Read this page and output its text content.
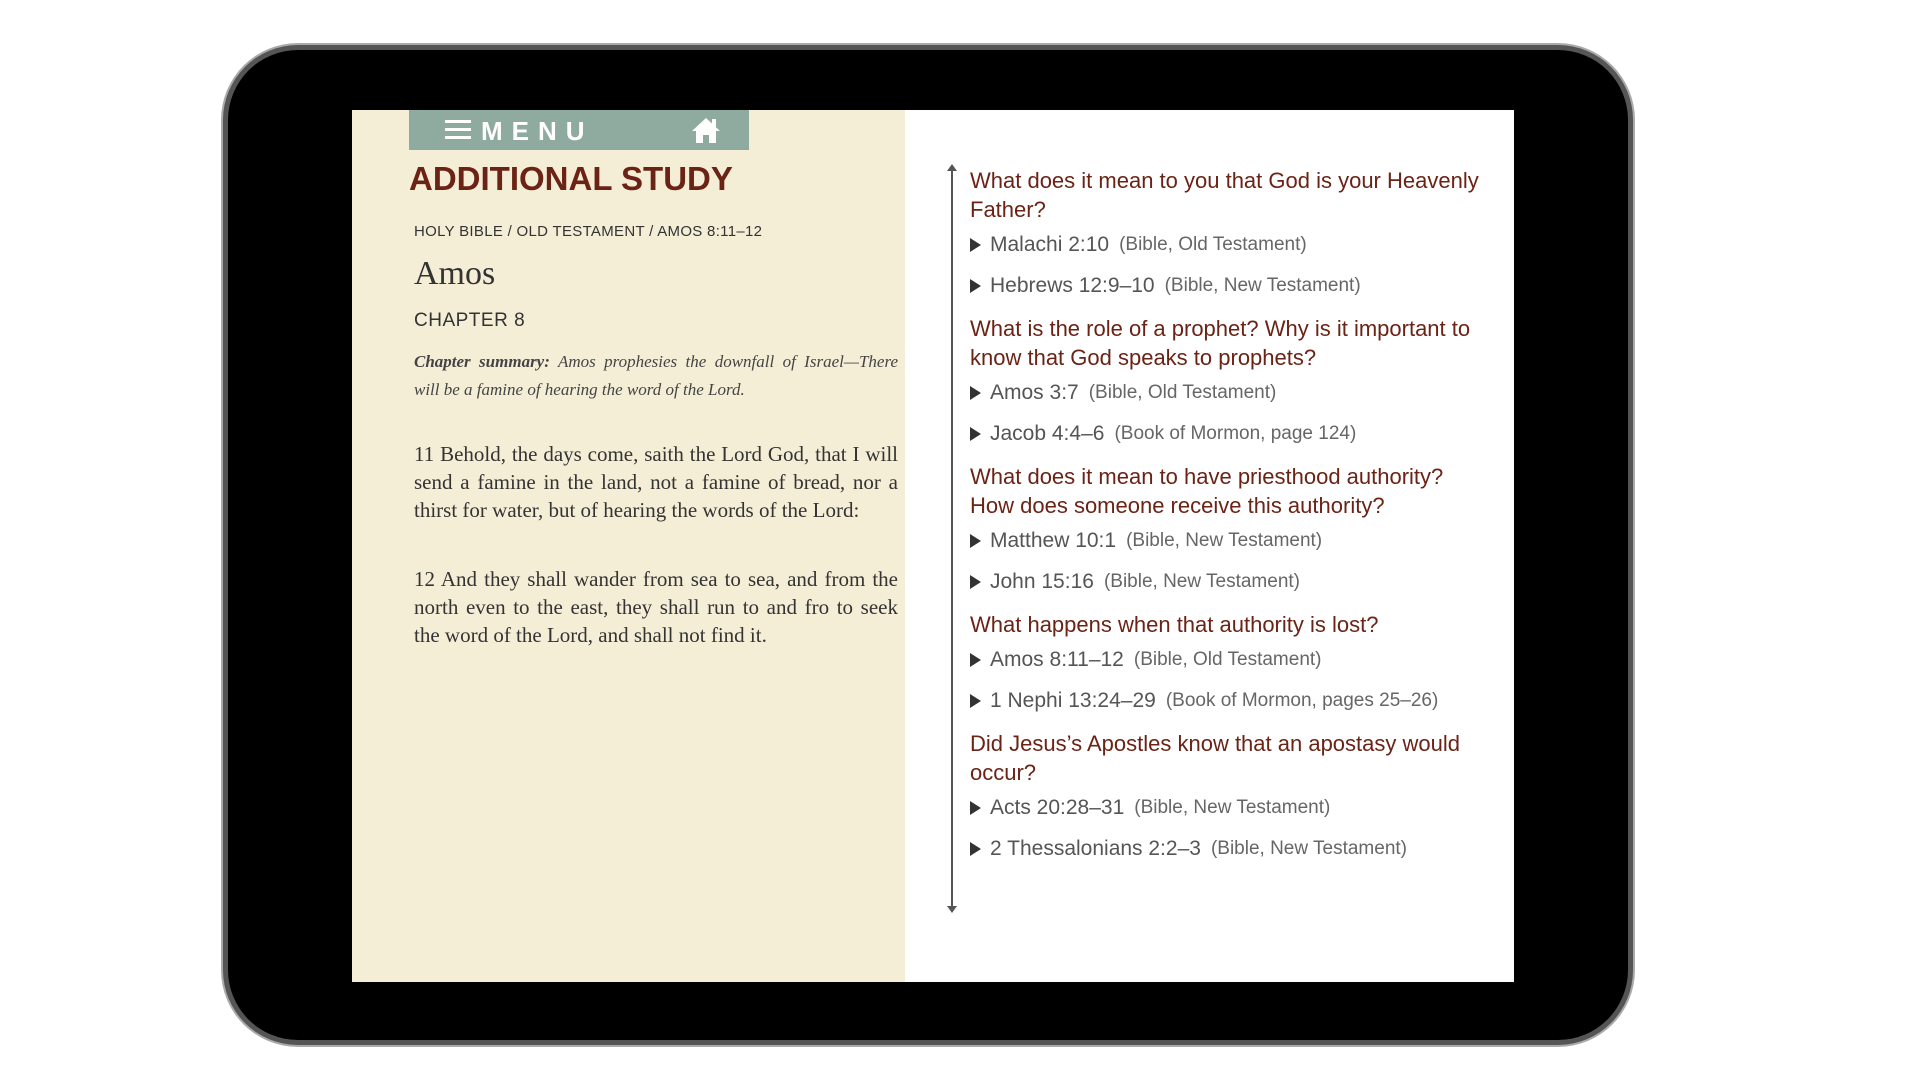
MENU
ADDITIONAL STUDY
HOLY BIBLE / OLD TESTAMENT / AMOS 8:11–12
Amos
CHAPTER 8
Chapter summary: Amos prophesies the downfall of Israel—There will be a famine of hearing the word of the Lord.
11 Behold, the days come, saith the Lord God, that I will send a famine in the land, not a famine of bread, nor a thirst for water, but of hearing the words of the Lord:
12 And they shall wander from sea to sea, and from the north even to the east, they shall run to and fro to seek the word of the Lord, and shall not find it.

What does it mean to you that God is your Heavenly Father?

Malachi 2:10 (Bible, Old Testament)
Hebrews 12:9–10 (Bible, New Testament)

What is the role of a prophet? Why is it important to know that God speaks to prophets?

Amos 3:7 (Bible, Old Testament)
Jacob 4:4–6 (Book of Mormon, page 124)

What does it mean to have priesthood authority? How does someone receive this authority?

Matthew 10:1 (Bible, New Testament)
John 15:16 (Bible, New Testament)

What happens when that authority is lost?

Amos 8:11–12 (Bible, Old Testament)
1 Nephi 13:24–29 (Book of Mormon, pages 25–26)

Did Jesus’s Apostles know that an apostasy would occur?

Acts 20:28–31 (Bible, New Testament)
2 Thessalonians 2:2–3 (Bible, New Testament)
